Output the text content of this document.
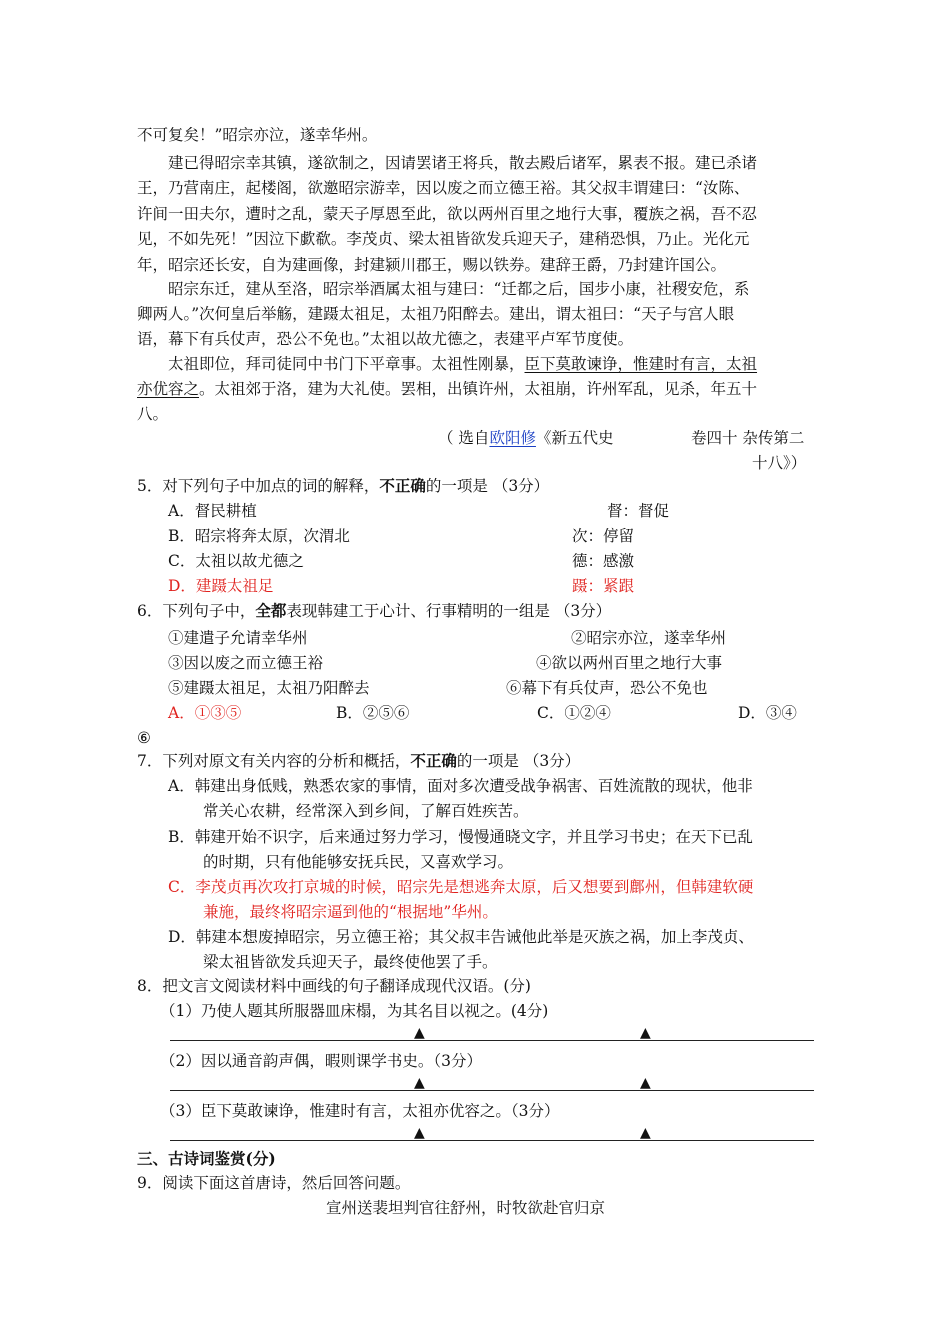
不可复矣！”昭宗亦泣，遂幸华州。
建已得昭宗幸其镇，遂欲制之，因请罢诸王将兵，散去殿后诸军，累表不报。建已杀诸
王，乃营南庄，起楼阁，欲邀昭宗游幸，因以废之而立德王裕。其父叔丰谓建曰：“汝陈、
许间一田夫尔，遭时之乱，蒙天子厚恩至此，欲以两州百里之地行大事，覆族之祸，吾不忍
见，不如先死！”因泣下歔欷。李茂贞、梁太祖皆欲发兵迎天子，建稍恐惧，乃止。光化元
年，昭宗还长安，自为建画像，封建颍川郡王，赐以铁券。建辞王爵，乃封建许国公。
昭宗东迁，建从至洛，昭宗举酒属太祖与建曰：“迁都之后，国步小康，社稷安危，系
卿两人。”次何皇后举觞，建蹑太祖足，太祖乃阳醉去。建出，谓太祖曰：“天子与宫人眼
语，幕下有兵仗声，恐公不免也。”太祖以故尤德之，表建平卢军节度使。
太祖即位，拜司徒同中书门下平章事。太祖性刚暴，臣下莫敢谏诤，惟建时有言，太祖
亦优容之。太祖郊于洛，建为大礼使。罢相，出镇许州，太祖崩，许州军乱，见杀，年五十
八。
（ 选自欧阳修《新五代史	卷四十 杂传第二
十八》）
5．对下列句子中加点的词的解释，不正确的一项是 （3分）
A．督民耕植	督：督促
B．昭宗将奔太原，次渭北	次：停留
C．太祖以故尤德之	德：感激
D．建蹑太祖足	蹑：紧跟
6．下列句子中，全都表现韩建工于心计、行事精明的一组是 （3分）
①建遣子允请幸华州	②昭宗亦泣，遂幸华州
③因以废之而立德王裕	④欲以两州百里之地行大事
⑤建蹑太祖足，太祖乃阳醉去	⑥幕下有兵仗声，恐公不免也
A．①③⑤	B．②⑤⑥	C．①②④	D．③④
⑥
7．下列对原文有关内容的分析和概括，不正确的一项是 （3分）
A．韩建出身低贱，熟悉农家的事情，面对多次遭受战争祸害、百姓流散的现状，他非
常关心农耕，经常深入到乡间，了解百姓疾苦。
B．韩建开始不识字，后来通过努力学习，慢慢通晓文字，并且学习书史；在天下已乱
的时期，只有他能够安抚兵民，又喜欢学习。
C．李茂贞再次攻打京城的时候，昭宗先是想逃奔太原，后又想要到鄜州，但韩建软硬
兼施，最终将昭宗逼到他的“根据地”华州。
D．韩建本想废掉昭宗，另立德王裕；其父叔丰告诫他此举是灭族之祸，加上李茂贞、
梁太祖皆欲发兵迎天子，最终使他罢了手。
8．把文言文阅读材料中画线的句子翻译成现代汉语。(分)
（1）乃使人题其所服器皿床榻，为其名目以视之。(4分)
▲	▲
（2）因以通音韵声偶，暇则课学书史。（3分）
▲	▲
（3）臣下莫敢谏诤，惟建时有言，太祖亦优容之。（3分）
▲	▲
三、古诗词鉴赏(分)
9．阅读下面这首唐诗，然后回答问题。
宣州送裴坦判官往舒州，时牧欲赴官归京
